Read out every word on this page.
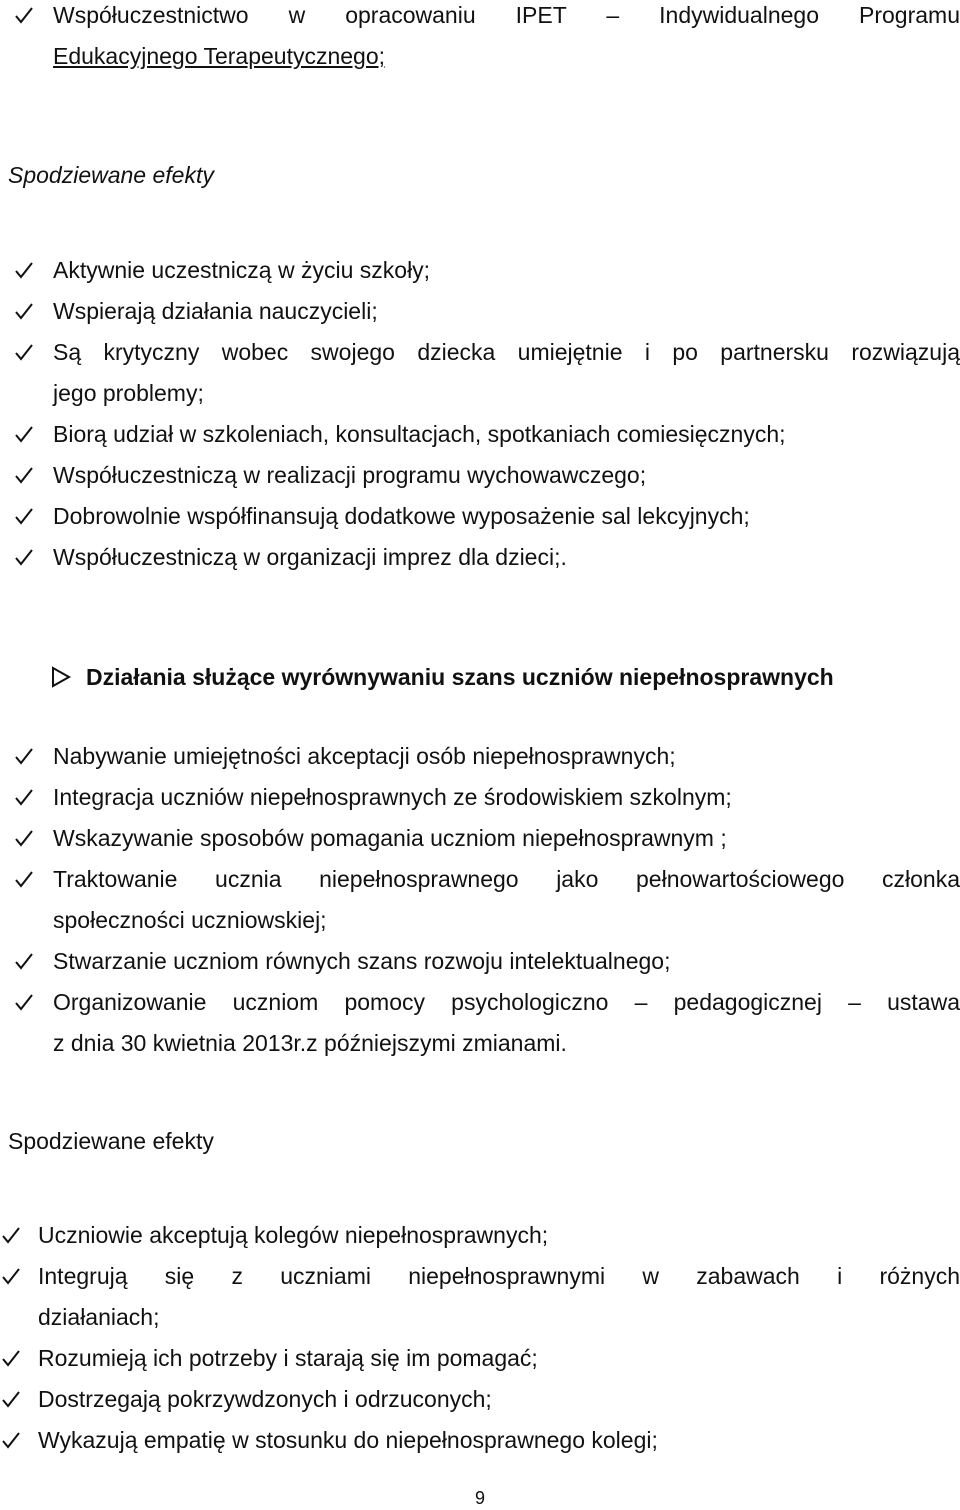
Współuczestnictwo w opracowaniu IPET – Indywidualnego Programu
Edukacyjnego Terapeutycznego;
Spodziewane efekty
Aktywnie uczestniczą w życiu szkoły;
Wspierają działania nauczycieli;
Są krytyczny wobec swojego dziecka umiejętnie i po partnersku rozwiązują
jego problemy;
Biorą udział w szkoleniach, konsultacjach, spotkaniach comiesięcznych;
Współuczestniczą w realizacji programu wychowawczego;
Dobrowolnie współfinansują dodatkowe wyposażenie sal lekcyjnych;
Współuczestniczą w organizacji imprez dla dzieci;.
Działania służące wyrównywaniu szans uczniów niepełnosprawnych
Nabywanie umiejętności akceptacji osób niepełnosprawnych;
Integracja uczniów niepełnosprawnych ze środowiskiem szkolnym;
Wskazywanie sposobów pomagania uczniom niepełnosprawnym ;
Traktowanie ucznia niepełnosprawnego jako pełnowartościowego członka
społeczności uczniowskiej;
Stwarzanie uczniom równych szans rozwoju intelektualnego;
Organizowanie uczniom pomocy psychologiczno – pedagogicznej – ustawa
z dnia 30 kwietnia 2013r.z późniejszymi zmianami.
Spodziewane efekty
Uczniowie akceptują kolegów niepełnosprawnych;
Integrują się z uczniami niepełnosprawnymi w zabawach i różnych
działaniach;
Rozumieją ich potrzeby i starają się im pomagać;
Dostrzegają pokrzywdzonych i odrzuconych;
Wykazują empatię w stosunku do niepełnosprawnego kolegi;
9
